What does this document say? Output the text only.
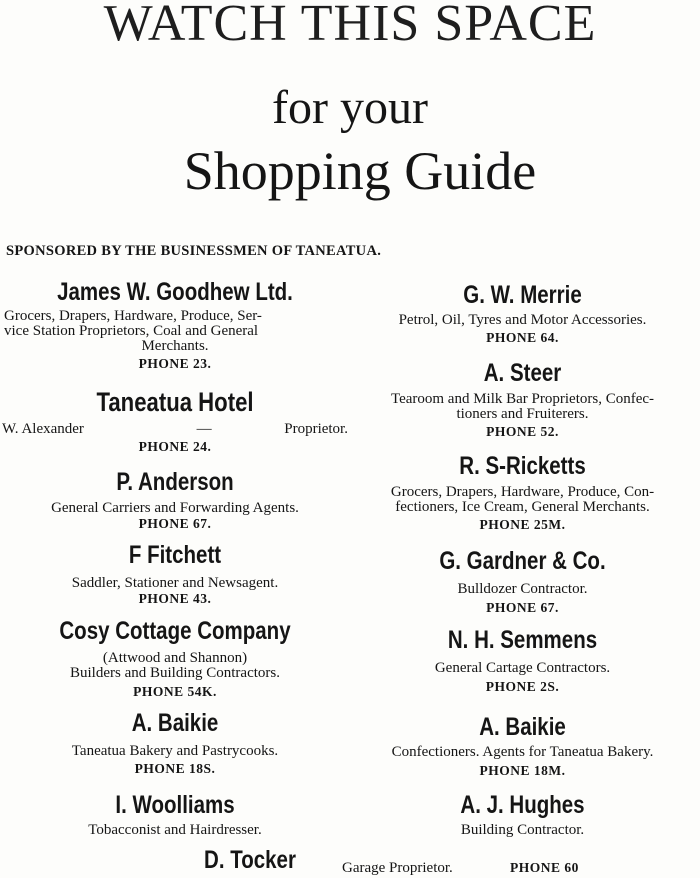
WATCH THIS SPACE
for your
Shopping Guide
SPONSORED BY THE BUSINESSMEN OF TANEATUA.
James W. Goodhew Ltd.
Grocers, Drapers, Hardware, Produce, Ser-
vice Station Proprietors, Coal and General
Merchants.
PHONE 23.
Taneatua Hotel
W. Alexander	—	Proprietor.
PHONE 24.
P. Anderson
General Carriers and Forwarding Agents.
PHONE 67.
F Fitchett
Saddler, Stationer and Newsagent.
PHONE 43.
Cosy Cottage Company
(Attwood and Shannon)
Builders and Building Contractors.
PHONE 54K.
A. Baikie
Taneatua Bakery and Pastrycooks.
PHONE 18S.
I. Woolliams
Tobacconist and Hairdresser.
G. W. Merrie
Petrol, Oil, Tyres and Motor Accessories.
PHONE 64.
A. Steer
Tearoom and Milk Bar Proprietors, Confec-
tioners and Fruiterers.
PHONE 52.
R. S-Ricketts
Grocers, Drapers, Hardware, Produce, Con-
fectioners, Ice Cream, General Merchants.
PHONE 25M.
G. Gardner & Co.
Bulldozer Contractor.
PHONE 67.
N. H. Semmens
General Cartage Contractors.
PHONE 2S.
A. Baikie
Confectioners. Agents for Taneatua Bakery.
PHONE 18M.
A. J. Hughes
Building Contractor.
D. Tocker	Garage Proprietor.	PHONE 60
